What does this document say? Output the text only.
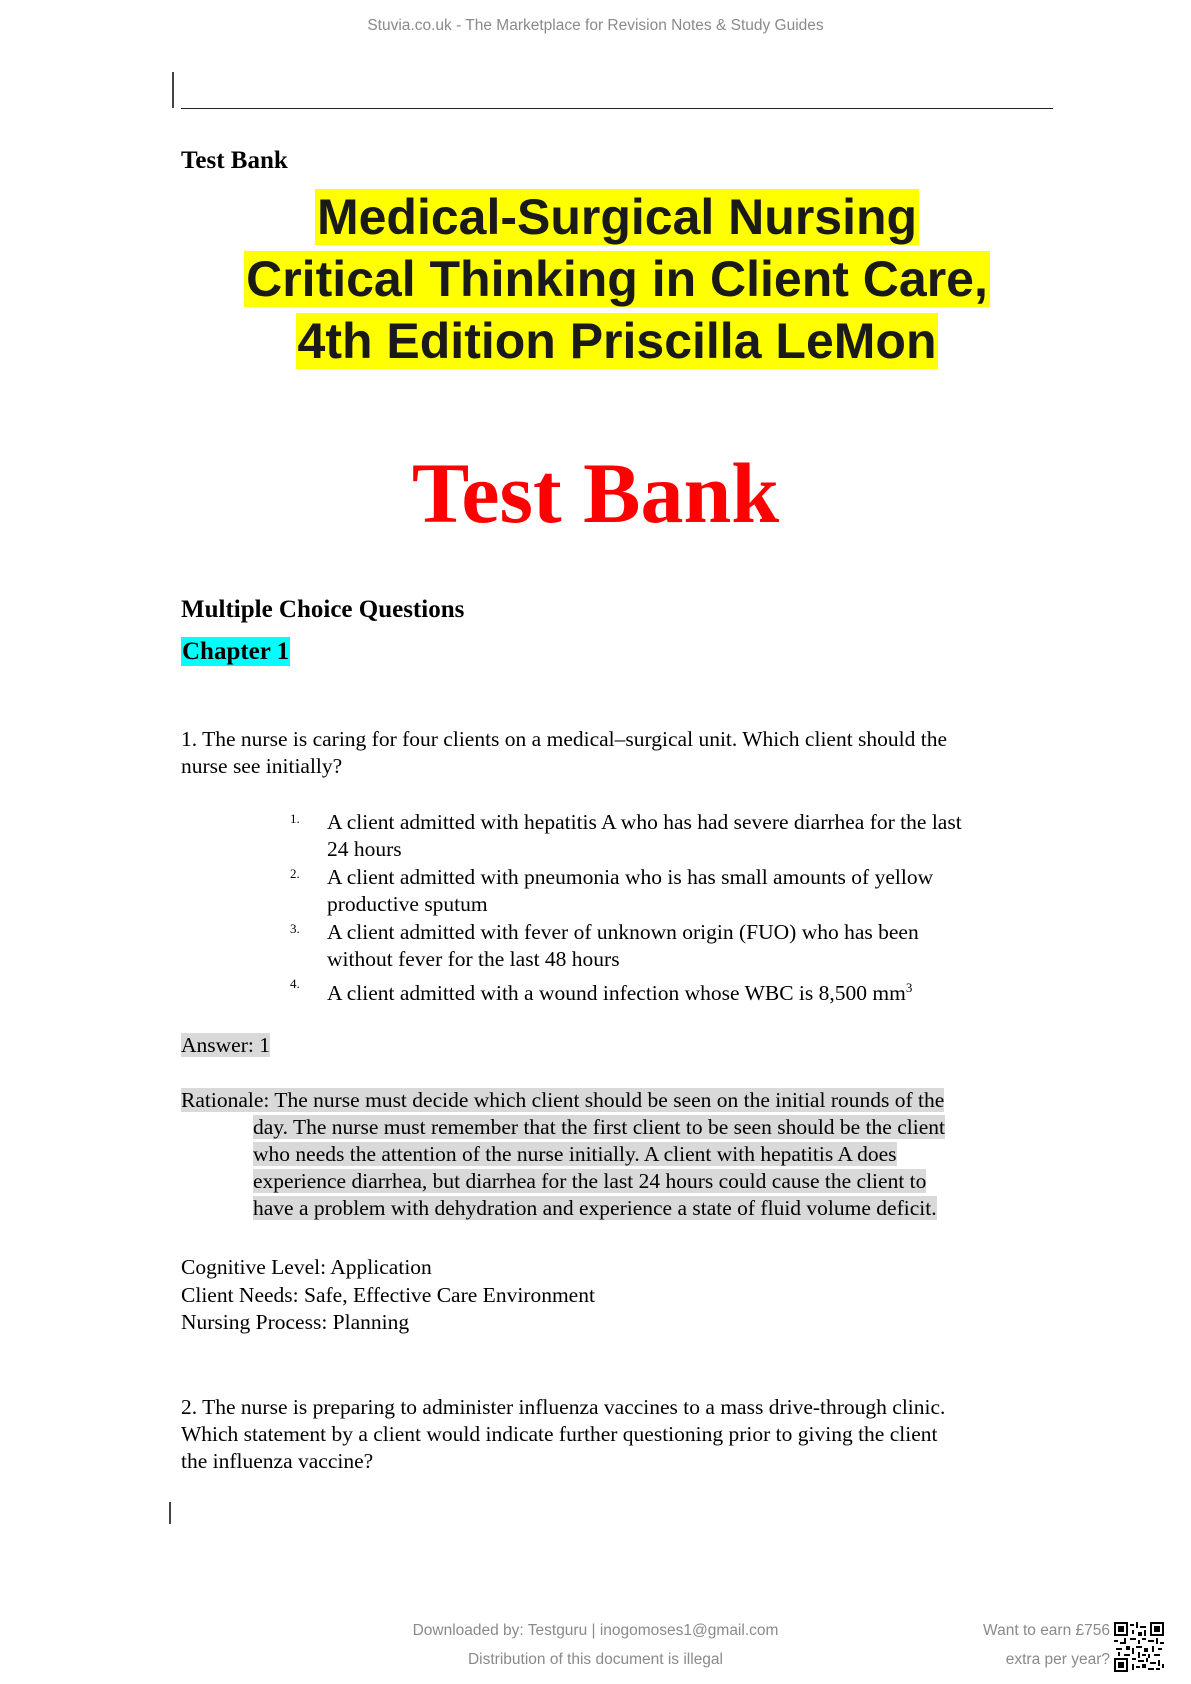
Stuvia.co.uk - The Marketplace for Revision Notes & Study Guides
Test Bank
Medical-Surgical Nursing
Critical Thinking in Client Care,
4th Edition Priscilla LeMon
Test Bank
Multiple Choice Questions
Chapter 1
1. The nurse is caring for four clients on a medical–surgical unit. Which client should the
nurse see initially?
1. A client admitted with hepatitis A who has had severe diarrhea for the last
24 hours
2. A client admitted with pneumonia who is has small amounts of yellow
productive sputum
3. A client admitted with fever of unknown origin (FUO) who has been
without fever for the last 48 hours
4. A client admitted with a wound infection whose WBC is 8,500 $mm^3$
Answer: 1
Rationale: The nurse must decide which client should be seen on the initial rounds of the
day. The nurse must remember that the first client to be seen should be the client
who needs the attention of the nurse initially. A client with hepatitis A does
experience diarrhea, but diarrhea for the last 24 hours could cause the client to
have a problem with dehydration and experience a state of fluid volume deficit.
Cognitive Level: Application
Client Needs: Safe, Effective Care Environment
Nursing Process: Planning
2. The nurse is preparing to administer influenza vaccines to a mass drive-through clinic.
Which statement by a client would indicate further questioning prior to giving the client
the influenza vaccine?
Downloaded by: Testguru | inogomoses1@gmail.com
Distribution of this document is illegal
Want to earn £756
extra per year?
